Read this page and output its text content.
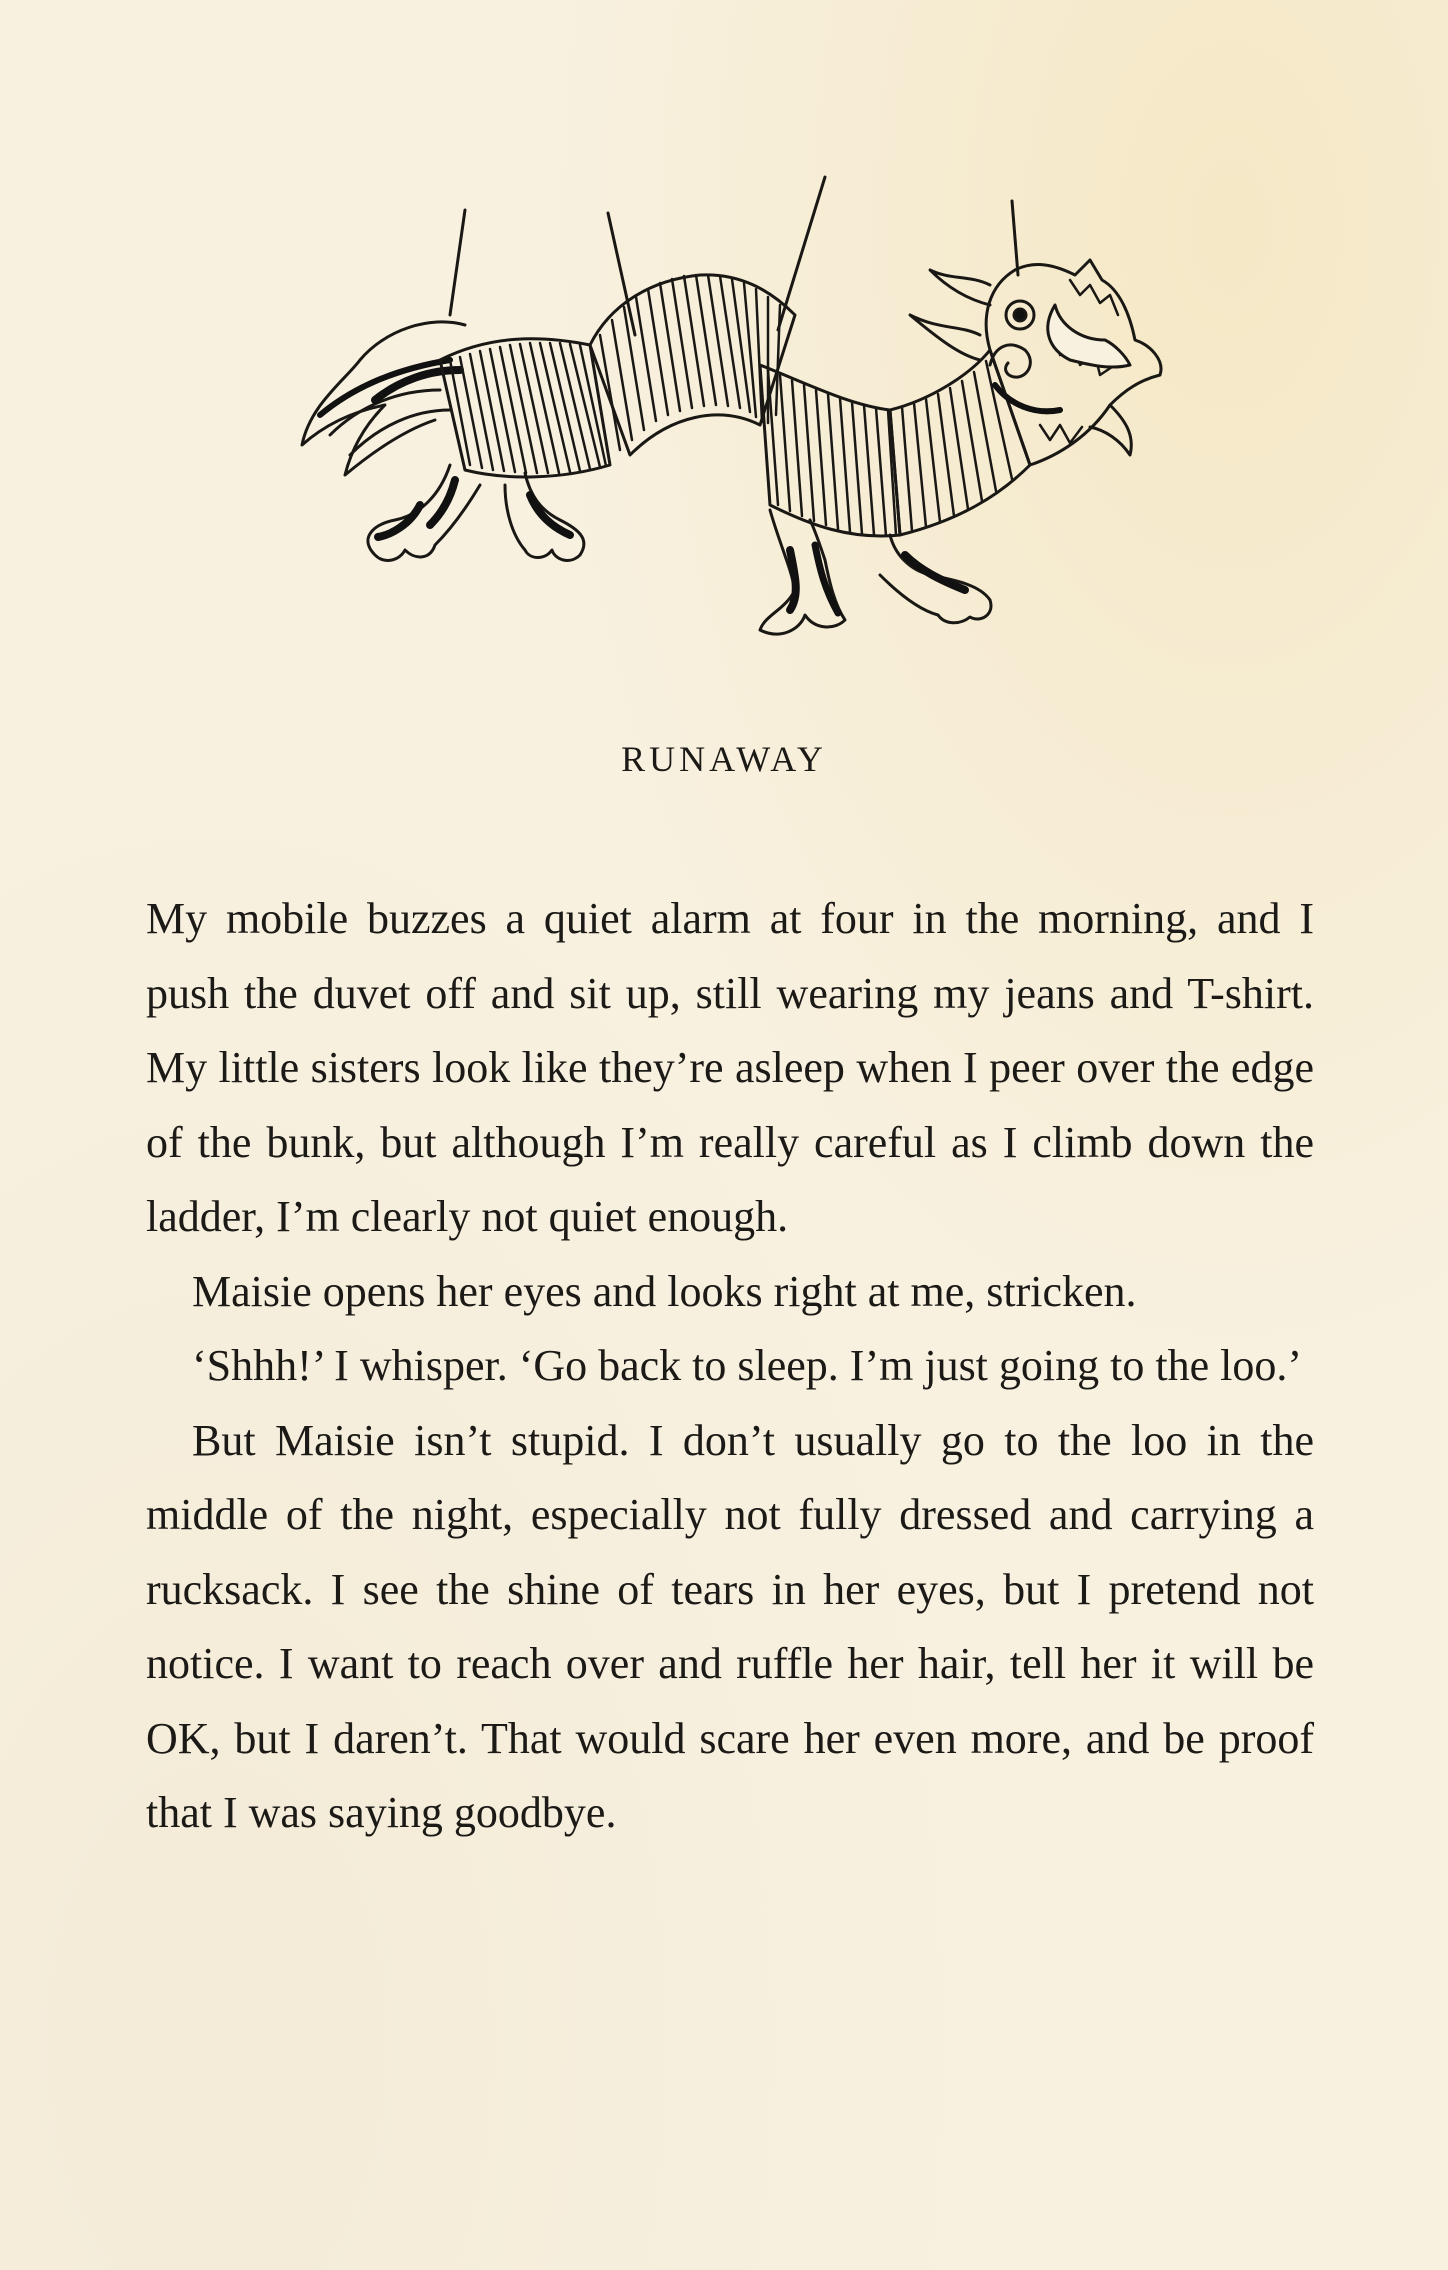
RUNAWAY

My mobile buzzes a quiet alarm at four in the morning, and I push the duvet off and sit up, still wearing my jeans and T-shirt. My little sisters look like they’re asleep when I peer over the edge of the bunk, but although I’m really careful as I climb down the ladder, I’m clearly not quiet enough.

Maisie opens her eyes and looks right at me, stricken.

‘Shhh!’ I whisper. ‘Go back to sleep. I’m just going to the loo.’

But Maisie isn’t stupid. I don’t usually go to the loo in the middle of the night, especially not fully dressed and carrying a rucksack. I see the shine of tears in her eyes, but I pretend not notice. I want to reach over and ruffle her hair, tell her it will be OK, but I daren’t. That would scare her even more, and be proof that I was saying goodbye.
